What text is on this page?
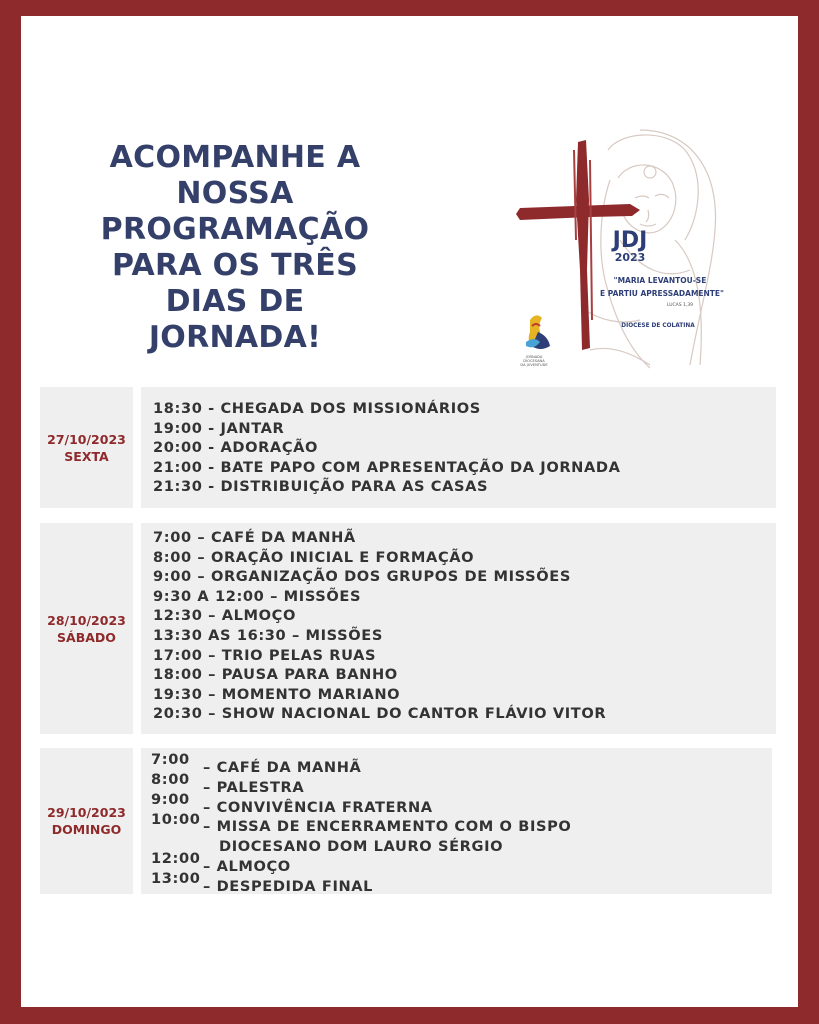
ACOMPANHE A
NOSSA
PROGRAMAÇÃO
PARA OS TRÊS
DIAS DE
JORNADA!
JDJ
2023
"MARIA LEVANTOU-SE
E PARTIU APRESSADAMENTE"
LUCAS 1,39
DIOCESE DE COLATINA
JORNADA
DIOCESANA
DA JUVENTUDE
27/10/2023
SEXTA
18:30 - CHEGADA DOS MISSIONÁRIOS
19:00 - JANTAR
20:00 - ADORAÇÃO
21:00 - BATE PAPO COM APRESENTAÇÃO DA JORNADA
21:30 - DISTRIBUIÇÃO PARA AS CASAS
28/10/2023
SÁBADO
7:00 – CAFÉ DA MANHÃ
8:00 – ORAÇÃO INICIAL E FORMAÇÃO
9:00 – ORGANIZAÇÃO DOS GRUPOS DE MISSÕES
9:30 A 12:00 – MISSÕES
12:30 – ALMOÇO
13:30 AS 16:30 – MISSÕES
17:00 – TRIO PELAS RUAS
18:00 – PAUSA PARA BANHO
19:30 – MOMENTO MARIANO
20:30 – SHOW NACIONAL DO CANTOR FLÁVIO VITOR
29/10/2023
DOMINGO
7:00
8:00
9:00
10:00
12:00
13:00
– CAFÉ DA MANHÃ
– PALESTRA
– CONVIVÊNCIA FRATERNA
– MISSA DE ENCERRAMENTO COM O BISPO
DIOCESANO DOM LAURO SÉRGIO
– ALMOÇO
– DESPEDIDA FINAL
